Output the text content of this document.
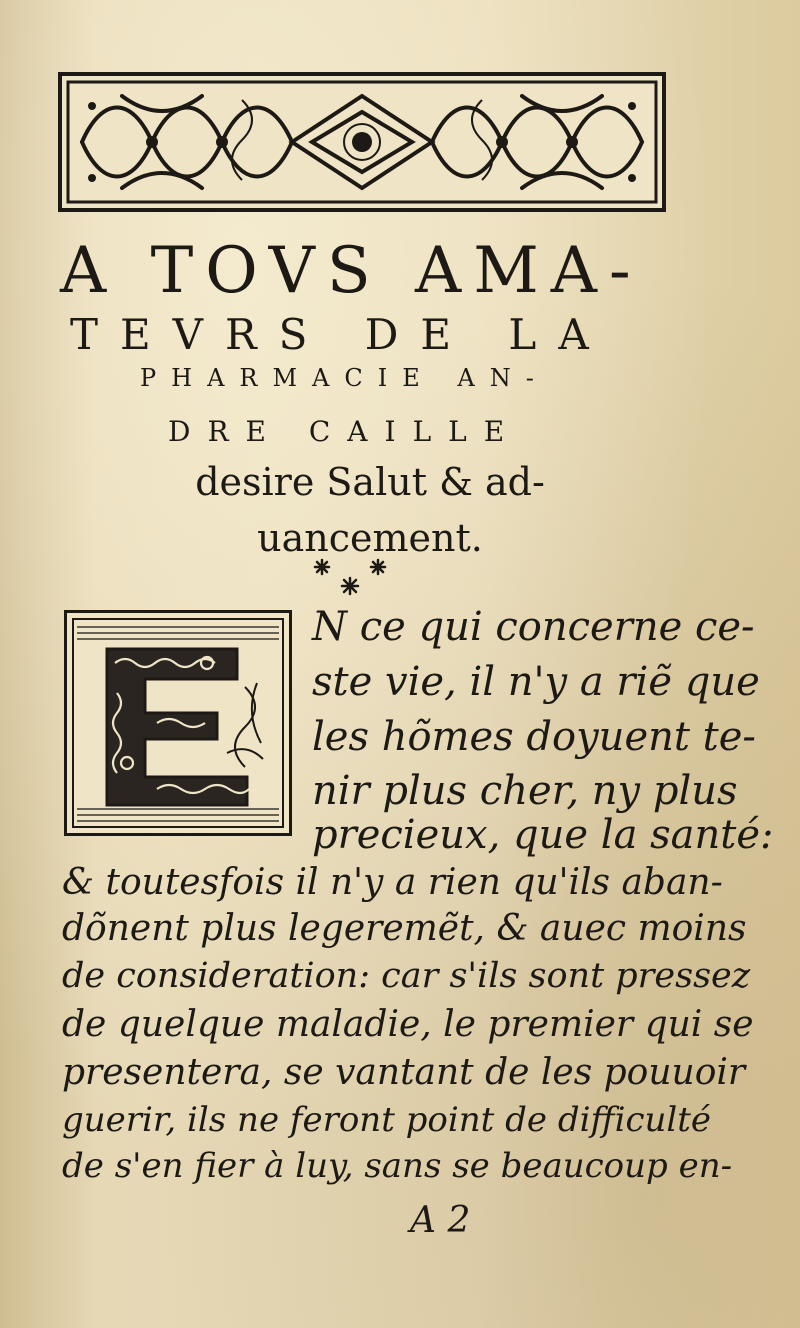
A TOVS AMA-
TEVRS DE LA
PHARMACIE AN-
DRE CAILLE

desire Salut & ad-

uancement.

N ce qui concerne ce-

ste vie, il n'y a riẽ que

les hõmes doyuent te-

nir plus cher, ny plus

precieux, que la santé:

& toutesfois il n'y a rien qu'ils aban-

dõnent plus legeremẽt, & auec moins

de consideration: car s'ils sont pressez

de quelque maladie, le premier qui se

presentera, se vantant de les pouuoir

guerir, ils ne feront point de difficulté

A 2

de s'en fier à luy, sans se beaucoup en-
